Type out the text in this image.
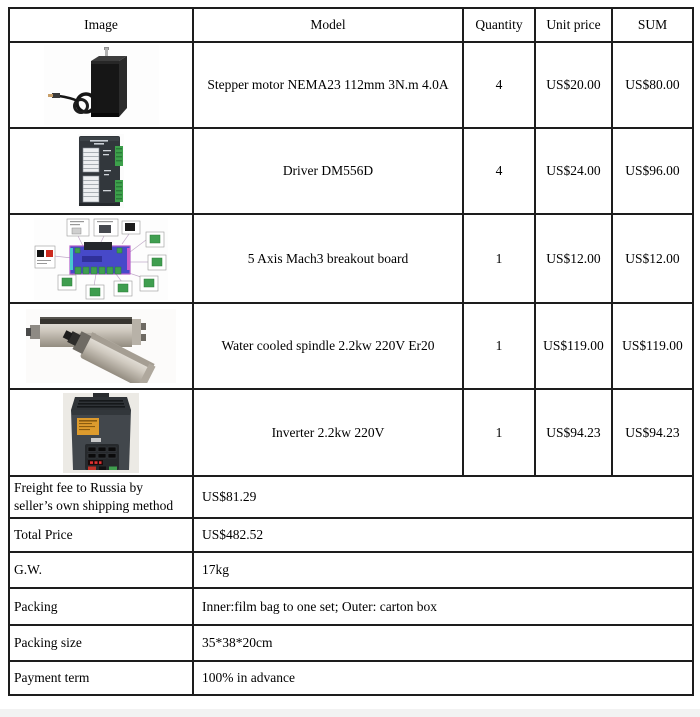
Image	Model	Quantity	Unit price	SUM
	Stepper motor NEMA23 112mm 3N.m 4.0A	4	US$20.00	US$80.00
	Driver DM556D	4	US$24.00	US$96.00
	5 Axis Mach3 breakout board	1	US$12.00	US$12.00
	Water cooled spindle 2.2kw 220V Er20	1	US$119.00	US$119.00
	Inverter 2.2kw 220V	1	US$94.23	US$94.23
Freight fee to Russia by seller’s own shipping method	US$81.29			
Total Price	US$482.52			
G.W.	17kg			
Packing	Inner:film bag to one set; Outer: carton box			
Packing size	35*38*20cm			
Payment term	100% in advance			
